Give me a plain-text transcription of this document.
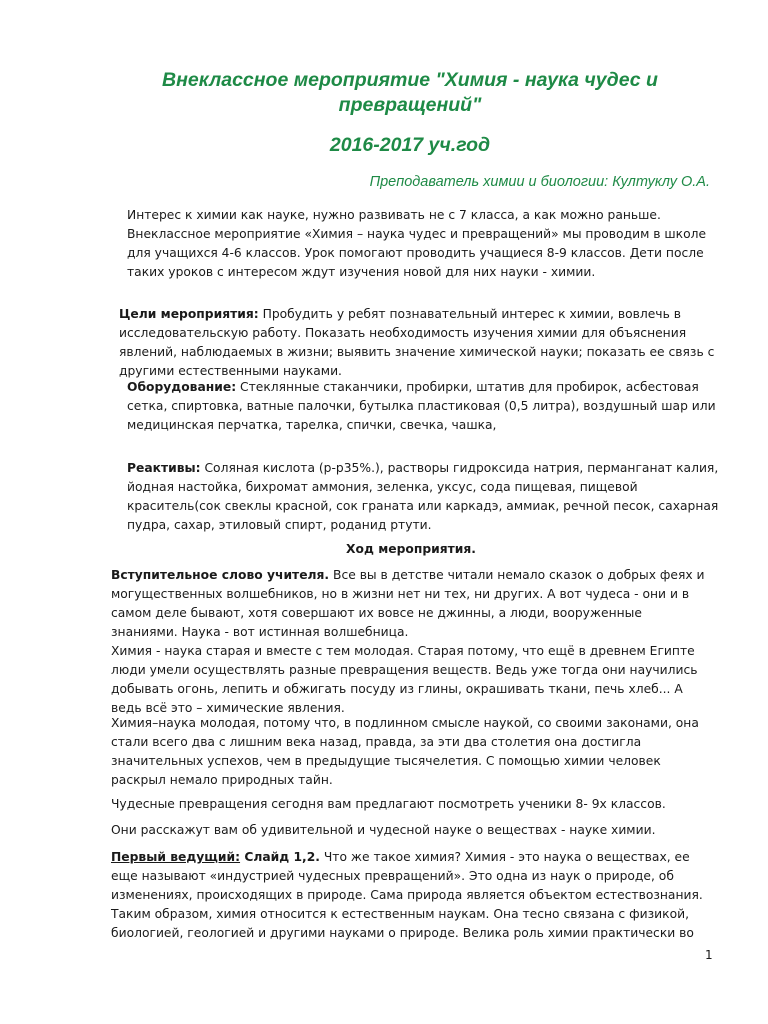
Внеклассное мероприятие "Химия - наука чудес и
превращений"
2016-2017 уч.год
Преподаватель химии и биологии: Култуклу О.А.

Интерес к химии как науке, нужно развивать не с 7 класса, а как можно раньше. Внеклассное мероприятие «Химия – наука чудес и превращений» мы проводим в школе для учащихся 4-6 классов. Урок помогают проводить учащиеся 8-9 классов. Дети после таких уроков с интересом ждут изучения новой для них науки - химии.

Цели мероприятия: Пробудить у ребят познавательный интерес к химии, вовлечь в исследовательскую работу. Показать необходимость изучения химии для объяснения явлений, наблюдаемых в жизни; выявить значение химической науки; показать ее связь с другими естественными науками.

Оборудование: Стеклянные стаканчики, пробирки, штатив для пробирок, асбестовая сетка, спиртовка, ватные палочки, бутылка пластиковая (0,5 литра), воздушный шар или медицинская перчатка, тарелка, спички, свечка, чашка,

Реактивы: Соляная кислота (р-р35%.), растворы гидроксида натрия, перманганат калия, йодная настойка, бихромат аммония, зеленка, уксус, сода пищевая, пищевой краситель(сок свеклы красной, сок граната или каркадэ, аммиак, речной песок, сахарная пудра, сахар, этиловый спирт, роданид ртути.

Ход мероприятия.

Вступительное слово учителя. Все вы в детстве читали немало сказок о добрых феях и могущественных волшебников, но в жизни нет ни тех, ни других. А вот чудеса - они и в самом деле бывают, хотя совершают их вовсе не джинны, а люди, вооруженные знаниями. Наука - вот истинная волшебница.

Химия - наука старая и вместе с тем молодая. Старая потому, что ещё в древнем Египте люди умели осуществлять разные превращения веществ. Ведь уже тогда они научились добывать огонь, лепить и обжигать посуду из глины, окрашивать ткани, печь хлеб... А ведь всё это – химические явления.

Химия–наука молодая, потому что, в подлинном смысле наукой, со своими законами, она стали всего два с лишним века назад, правда, за эти два столетия она достигла значительных успехов, чем в предыдущие тысячелетия. С помощью химии человек раскрыл немало природных тайн.

Чудесные превращения сегодня вам предлагают посмотреть ученики 8- 9х классов.

Они расскажут вам об удивительной и чудесной науке о веществах - науке химии.

Первый ведущий: Слайд 1,2. Что же такое химия? Химия - это наука о веществах, ее еще называют «индустрией чудесных превращений». Это одна из наук о природе, об изменениях, происходящих в природе. Сама природа является объектом естествознания. Таким образом, химия относится к естественным наукам. Она тесно связана с физикой, биологией, геологией и другими науками о природе. Велика роль химии практически во

1
